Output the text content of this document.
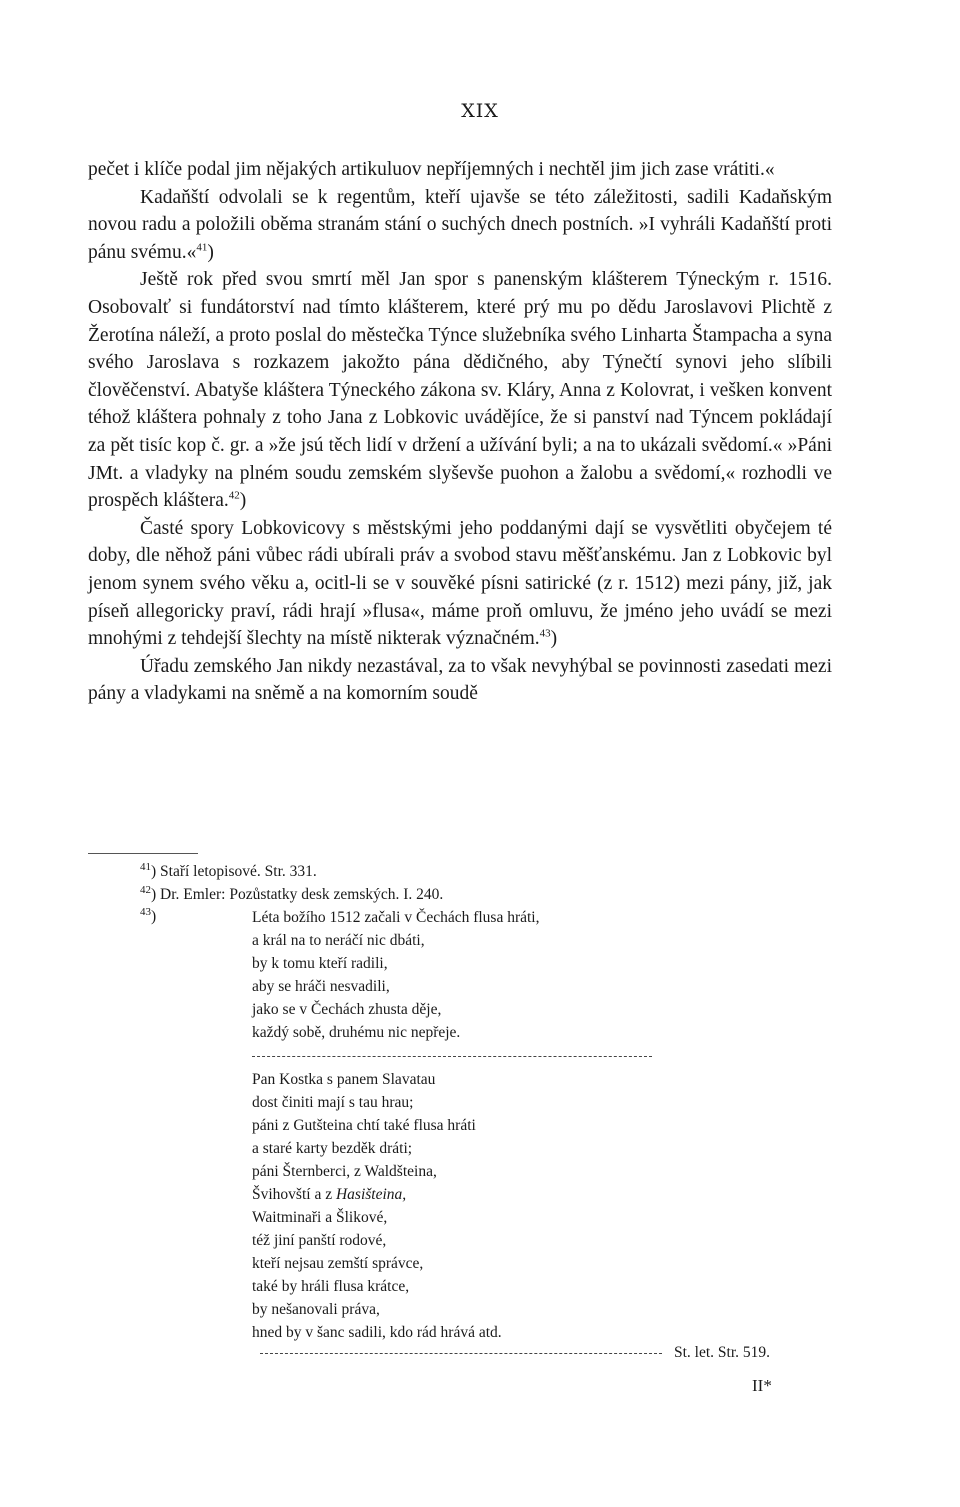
XIX

pečet i klíče podal jim nějakých artikuluov nepříjemných i nechtěl jim jich zase vrátiti.«

Kadaňští odvolali se k regentům, kteří ujavše se této záležitosti, sadili Kadaňským novou radu a položili oběma stranám stání o suchých dnech postních. »I vyhráli Kadaňští proti pánu svému.«$^{41}$)

Ještě rok před svou smrtí měl Jan spor s panenským klášterem Týneckým r. 1516. Osobovalť si fundátorství nad tímto klášterem, které prý mu po dědu Jaroslavovi Plichtě z Žerotína náleží, a proto poslal do městečka Týnce služebníka svého Linharta Štampacha a syna svého Jaroslava s rozkazem jakožto pána dědičného, aby Týnečtí synovi jeho slíbili člověčenství. Abatyše kláštera Týneckého zákona sv. Kláry, Anna z Kolovrat, i vešken konvent téhož kláštera pohnaly z toho Jana z Lobkovic uvádějíce, že si panství nad Týncem pokládají za pět tisíc kop č. gr. a »že jsú těch lidí v držení a užívání byli; a na to ukázali svědomí.« »Páni JMt. a vladyky na plném soudu zemském slyševše puohon a žalobu a svědomí,« rozhodli ve prospěch kláštera.$^{42}$)

Časté spory Lobkovicovy s městskými jeho poddanými dají se vysvětliti obyčejem té doby, dle něhož páni vůbec rádi ubírali práv a svobod stavu měšťanskému. Jan z Lobkovic byl jenom synem svého věku a, ocitl-li se v souvěké písni satirické (z r. 1512) mezi pány, již, jak píseň allegoricky praví, rádi hrají »flusa«, máme proň omluvu, že jméno jeho uvádí se mezi mnohými z tehdejší šlechty na místě nikterak význačném.$^{43}$)

Úřadu zemského Jan nikdy nezastával, za to však nevyhýbal se povinnosti zasedati mezi pány a vladykami na sněmě a na komorním soudě

$^{41}$) Staří letopisové. Str. 331.

$^{42}$) Dr. Emler: Pozůstatky desk zemských. I. 240.

$^{43}$)	Léta božího 1512 začali v Čechách flusa hráti,

a král na to neráčí nic dbáti,

by k tomu kteří radili,

aby se hráči nesvadili,

jako se v Čechách zhusta děje,

každý sobě, druhému nic nepřeje.

Pan Kostka s panem Slavatau

dost činiti mají s tau hrau;

páni z Gutšteina chtí také flusa hráti

a staré karty bezděk dráti;

páni Šternberci, z Waldšteina,

Švihovští a z Hasišteina,

Waitminaři a Šlikové,

též jiní panští rodové,

kteří nejsau zemští správce,

také by hráli flusa krátce,

by nešanovali práva,

hned by v šanc sadili, kdo rád hrává atd.

St. let. Str. 519.
II*
